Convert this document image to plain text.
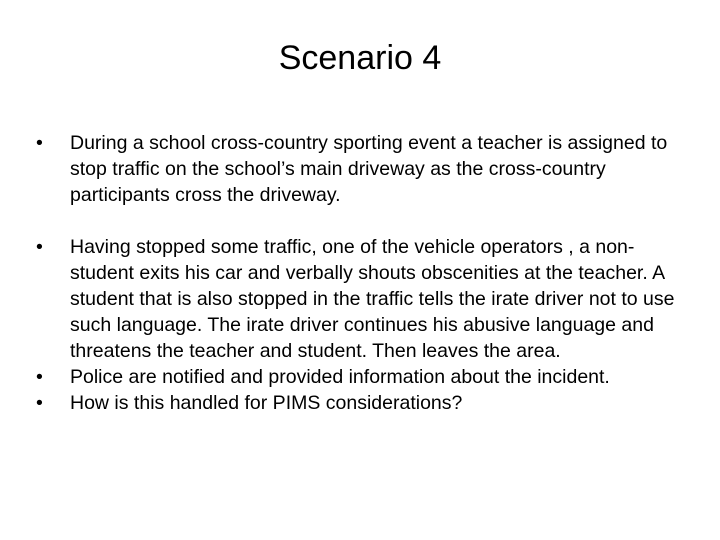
Scenario 4
•	During a school cross-country sporting event a teacher is assigned to stop traffic on the school’s main driveway as the cross-country participants cross the driveway.
•	Having stopped some traffic, one of the vehicle operators , a non-student exits his car and verbally shouts obscenities at the teacher. A student that is also stopped in the traffic tells the irate driver not to use such language. The irate driver continues his abusive language and threatens the teacher and student. Then leaves the area.
•	Police are notified and provided information about the incident.
•	How is this handled for PIMS considerations?
